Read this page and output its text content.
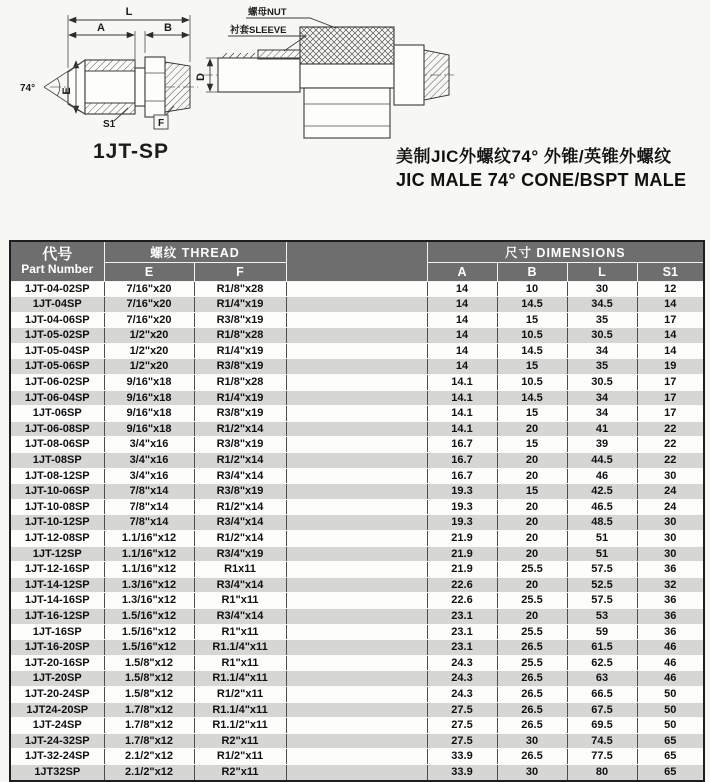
L
A	B
E
74°
S1	F
1JT-SP
D
螺母NUT
衬套SLEEVE
美制JIC外螺纹74° 外锥/英锥外螺纹
JIC MALE 74° CONE/BSPT MALE
代号
Part Number	螺纹 THREAD			尺寸 DIMENSIONS			
	E	F		A	B	L	S1
1JT-04-02SP	7/16"x20	R1/8"x28		14	10	30	12
1JT-04SP	7/16"x20	R1/4"x19		14	14.5	34.5	14
1JT-04-06SP	7/16"x20	R3/8"x19		14	15	35	17
1JT-05-02SP	1/2"x20	R1/8"x28		14	10.5	30.5	14
1JT-05-04SP	1/2"x20	R1/4"x19		14	14.5	34	14
1JT-05-06SP	1/2"x20	R3/8"x19		14	15	35	19
1JT-06-02SP	9/16"x18	R1/8"x28		14.1	10.5	30.5	17
1JT-06-04SP	9/16"x18	R1/4"x19		14.1	14.5	34	17
1JT-06SP	9/16"x18	R3/8"x19		14.1	15	34	17
1JT-06-08SP	9/16"x18	R1/2"x14		14.1	20	41	22
1JT-08-06SP	3/4"x16	R3/8"x19		16.7	15	39	22
1JT-08SP	3/4"x16	R1/2"x14		16.7	20	44.5	22
1JT-08-12SP	3/4"x16	R3/4"x14		16.7	20	46	30
1JT-10-06SP	7/8"x14	R3/8"x19		19.3	15	42.5	24
1JT-10-08SP	7/8"x14	R1/2"x14		19.3	20	46.5	24
1JT-10-12SP	7/8"x14	R3/4"x14		19.3	20	48.5	30
1JT-12-08SP	1.1/16"x12	R1/2"x14		21.9	20	51	30
1JT-12SP	1.1/16"x12	R3/4"x19		21.9	20	51	30
1JT-12-16SP	1.1/16"x12	R1x11		21.9	25.5	57.5	36
1JT-14-12SP	1.3/16"x12	R3/4"x14		22.6	20	52.5	32
1JT-14-16SP	1.3/16"x12	R1"x11		22.6	25.5	57.5	36
1JT-16-12SP	1.5/16"x12	R3/4"x14		23.1	20	53	36
1JT-16SP	1.5/16"x12	R1"x11		23.1	25.5	59	36
1JT-16-20SP	1.5/16"x12	R1.1/4"x11		23.1	26.5	61.5	46
1JT-20-16SP	1.5/8"x12	R1"x11		24.3	25.5	62.5	46
1JT-20SP	1.5/8"x12	R1.1/4"x11		24.3	26.5	63	46
1JT-20-24SP	1.5/8"x12	R1/2"x11		24.3	26.5	66.5	50
1JT24-20SP	1.7/8"x12	R1.1/4"x11		27.5	26.5	67.5	50
1JT-24SP	1.7/8"x12	R1.1/2"x11		27.5	26.5	69.5	50
1JT-24-32SP	1.7/8"x12	R2"x11		27.5	30	74.5	65
1JT-32-24SP	2.1/2"x12	R1/2"x11		33.9	26.5	77.5	65
1JT32SP	2.1/2"x12	R2"x11		33.9	30	80	65
